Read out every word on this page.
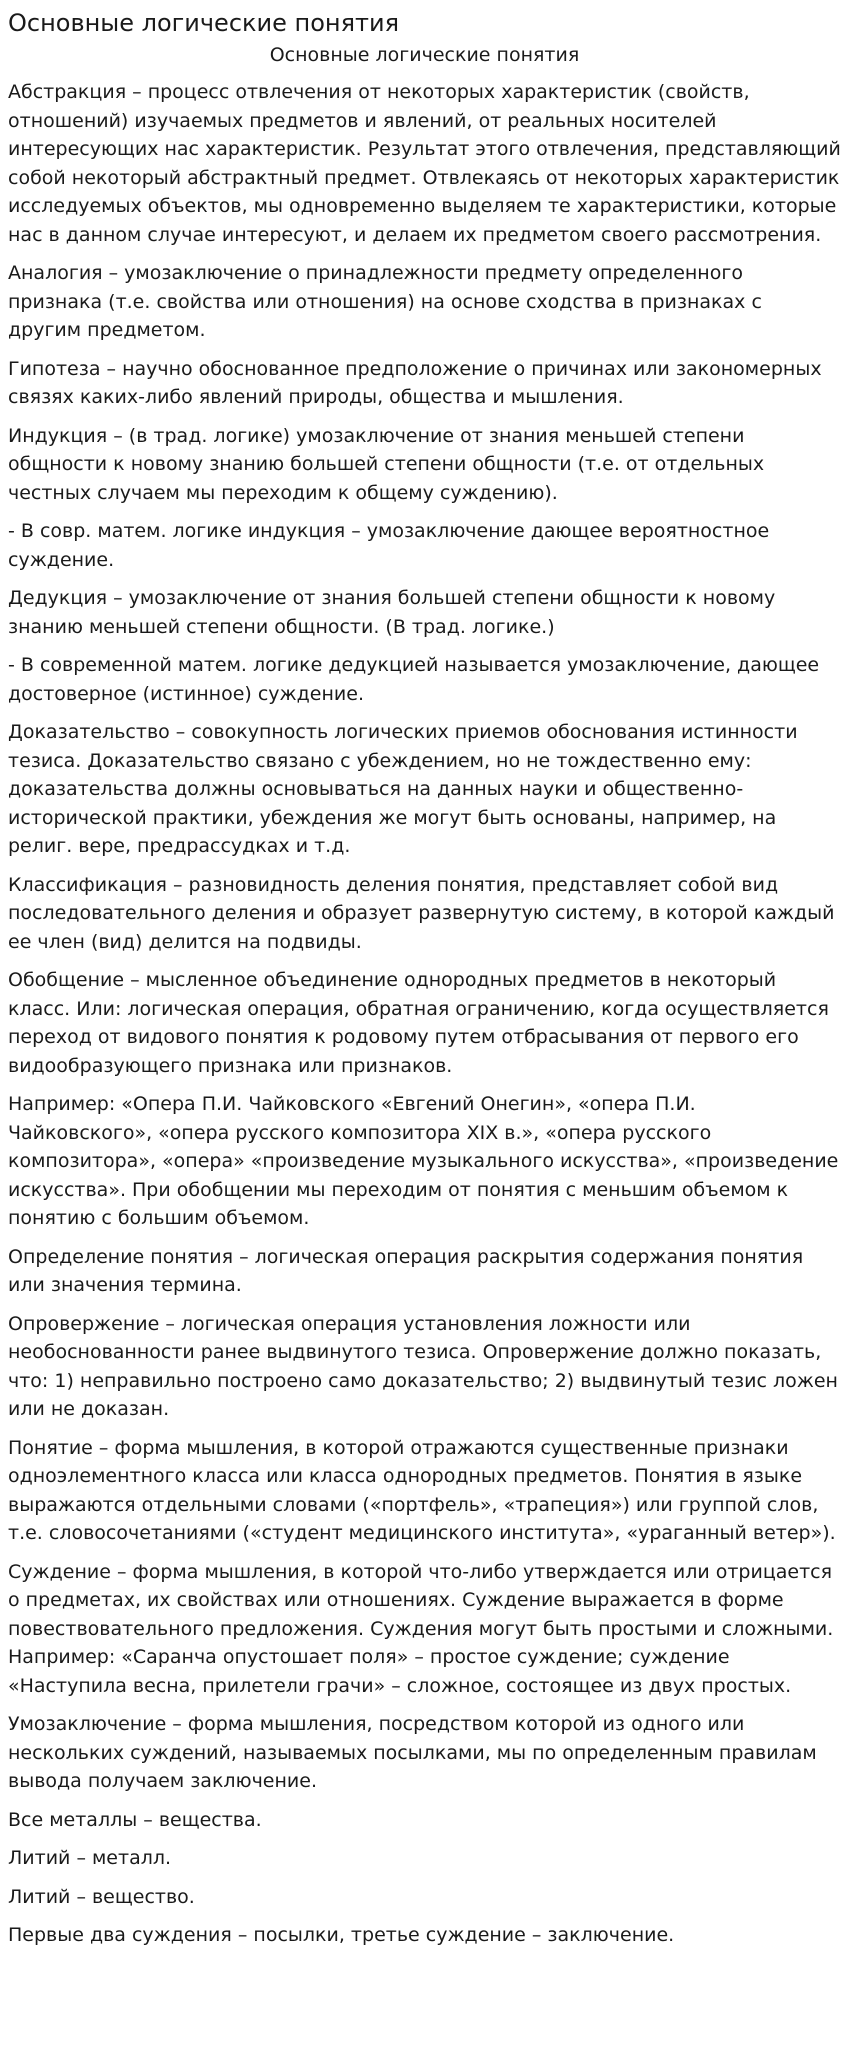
Основные логические понятия
Основные логические понятия

Абстракция – процесс отвлечения от некоторых характеристик (свойств, отношений) изучаемых предметов и явлений, от реальных носителей интересующих нас характеристик. Результат этого отвлечения, представляющий собой некоторый абстрактный предмет. Отвлекаясь от некоторых характеристик исследуемых объектов, мы одновременно выделяем те характеристики, которые нас в данном случае интересуют, и делаем их предметом своего рассмотрения.

Аналогия – умозаключение о принадлежности предмету определенного признака (т.е. свойства или отношения) на основе сходства в признаках с другим предметом.

Гипотеза – научно обоснованное предположение о причинах или закономерных связях каких-либо явлений природы, общества и мышления.

Индукция – (в трад. логике) умозаключение от знания меньшей степени общности к новому знанию большей степени общности (т.е. от отдельных честных случаем мы переходим к общему суждению).

- В совр. матем. логике индукция – умозаключение дающее вероятностное суждение.

Дедукция – умозаключение от знания большей степени общности к новому знанию меньшей степени общности. (В трад. логике.)

- В современной матем. логике дедукцией называется умозаключение, дающее достоверное (истинное) суждение.

Доказательство – совокупность логических приемов обоснования истинности тезиса. Доказательство связано с убеждением, но не тождественно ему: доказательства должны основываться на данных науки и общественно-исторической практики, убеждения же могут быть основаны, например, на религ. вере, предрассудках и т.д.

Классификация – разновидность деления понятия, представляет собой вид последовательного деления и образует развернутую систему, в которой каждый ее член (вид) делится на подвиды.

Обобщение – мысленное объединение однородных предметов в некоторый класс. Или: логическая операция, обратная ограничению, когда осуществляется переход от видового понятия к родовому путем отбрасывания от первого его видообразующего признака или признаков.

Например: «Опера П.И. Чайковского «Евгений Онегин», «опера П.И. Чайковского», «опера русского композитора XIX в.», «опера русского композитора», «опера» «произведение музыкального искусства», «произведение искусства». При обобщении мы переходим от понятия с меньшим объемом к понятию с большим объемом.

Определение понятия – логическая операция раскрытия содержания понятия или значения термина.

Опровержение – логическая операция установления ложности или необоснованности ранее выдвинутого тезиса. Опровержение должно показать, что: 1) неправильно построено само доказательство; 2) выдвинутый тезис ложен или не доказан.

Понятие – форма мышления, в которой отражаются существенные признаки одноэлементного класса или класса однородных предметов. Понятия в языке выражаются отдельными словами («портфель», «трапеция») или группой слов, т.е. словосочетаниями («студент медицинского института», «ураганный ветер»).

Суждение – форма мышления, в которой что-либо утверждается или отрицается о предметах, их свойствах или отношениях. Суждение выражается в форме повествовательного предложения. Суждения могут быть простыми и сложными. Например: «Саранча опустошает поля» – простое суждение; суждение «Наступила весна, прилетели грачи» – сложное, состоящее из двух простых.

Умозаключение – форма мышления, посредством которой из одного или нескольких суждений, называемых посылками, мы по определенным правилам вывода получаем заключение.

Все металлы – вещества.

Литий – металл.

Литий – вещество.

Первые два суждения – посылки, третье суждение – заключение.
